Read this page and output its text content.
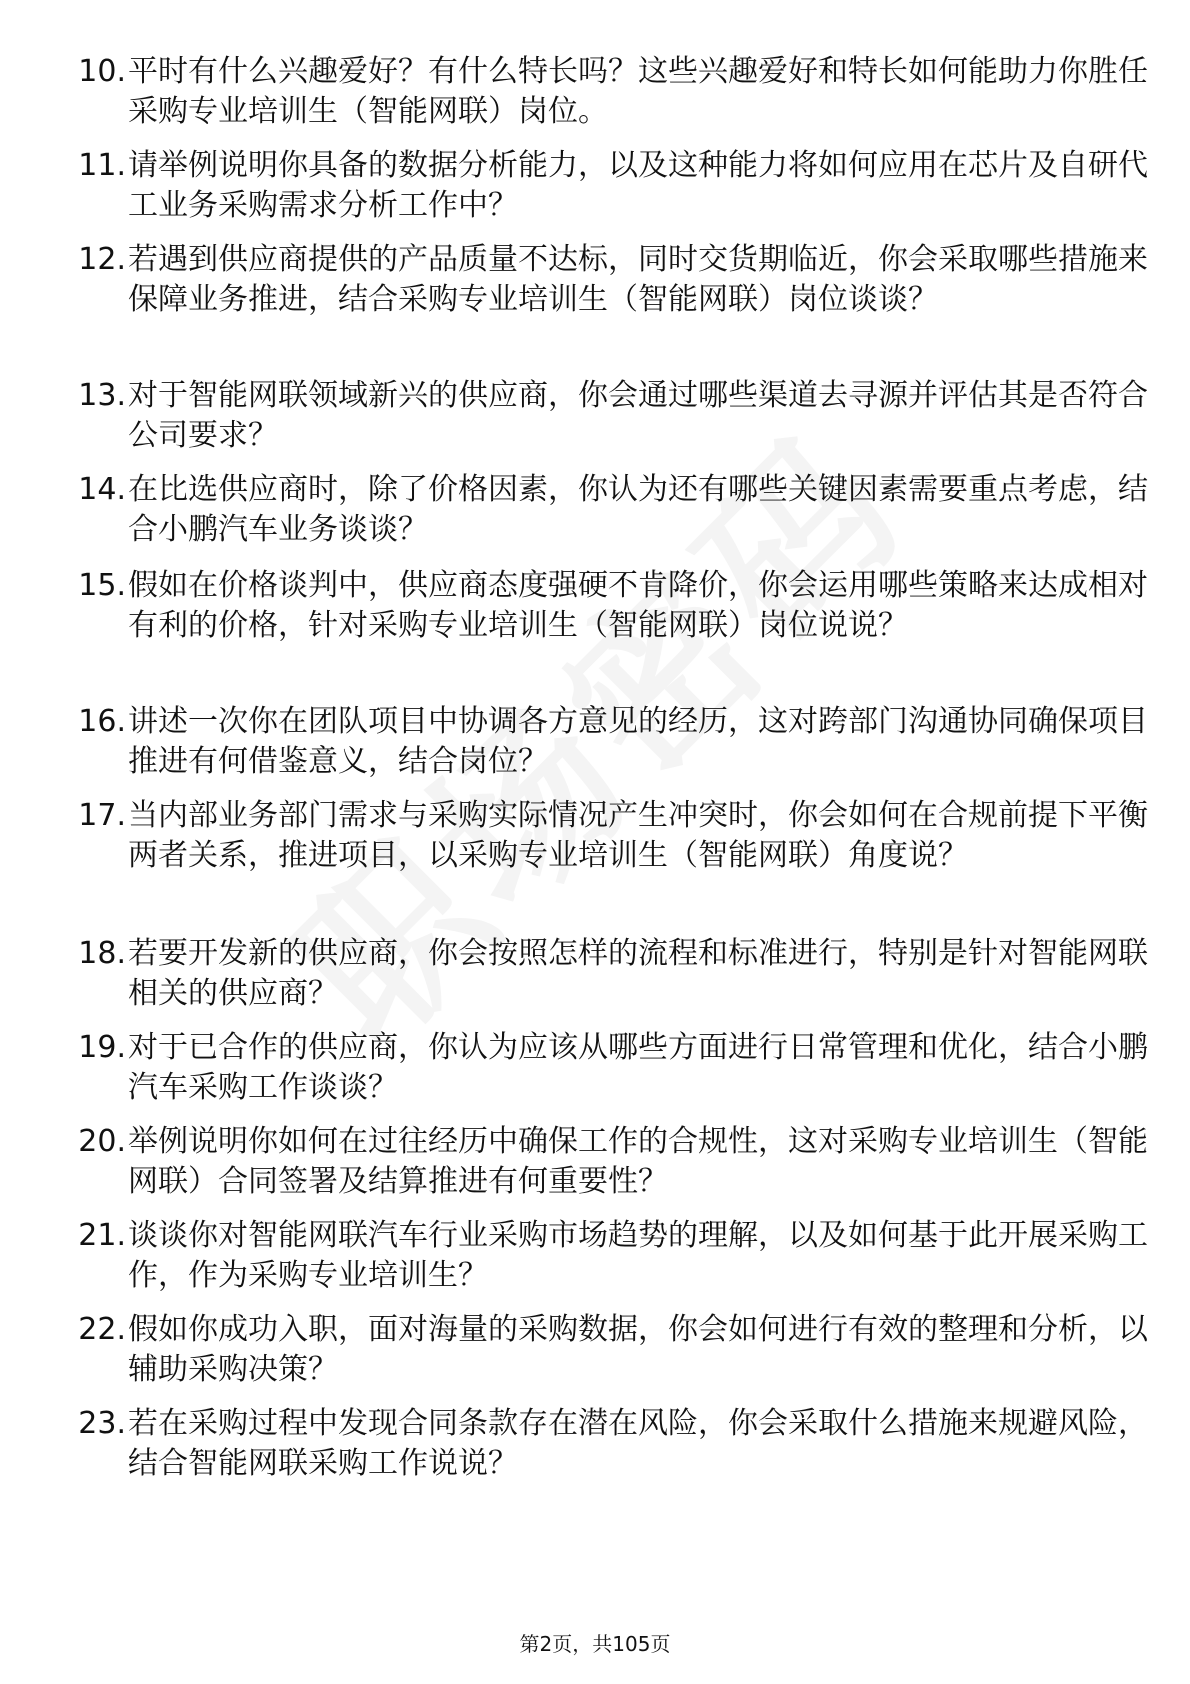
10. 平时有什么兴趣爱好？有什么特长吗？这些兴趣爱好和特长如何能助力你胜任采购专业培训生（智能网联）岗位。
11. 请举例说明你具备的数据分析能力，以及这种能力将如何应用在芯片及自研代工业务采购需求分析工作中？
12. 若遇到供应商提供的产品质量不达标，同时交货期临近，你会采取哪些措施来保障业务推进，结合采购专业培训生（智能网联）岗位谈谈？
13. 对于智能网联领域新兴的供应商，你会通过哪些渠道去寻源并评估其是否符合公司要求？
14. 在比选供应商时，除了价格因素，你认为还有哪些关键因素需要重点考虑，结合小鹏汽车业务谈谈？
15. 假如在价格谈判中，供应商态度强硬不肯降价，你会运用哪些策略来达成相对有利的价格，针对采购专业培训生（智能网联）岗位说说？
16. 讲述一次你在团队项目中协调各方意见的经历，这对跨部门沟通协同确保项目推进有何借鉴意义，结合岗位？
17. 当内部业务部门需求与采购实际情况产生冲突时，你会如何在合规前提下平衡两者关系，推进项目，以采购专业培训生（智能网联）角度说？
18. 若要开发新的供应商，你会按照怎样的流程和标准进行，特别是针对智能网联相关的供应商？
19. 对于已合作的供应商，你认为应该从哪些方面进行日常管理和优化，结合小鹏汽车采购工作谈谈？
20. 举例说明你如何在过往经历中确保工作的合规性，这对采购专业培训生（智能网联）合同签署及结算推进有何重要性？
21. 谈谈你对智能网联汽车行业采购市场趋势的理解，以及如何基于此开展采购工作，作为采购专业培训生？
22. 假如你成功入职，面对海量的采购数据，你会如何进行有效的整理和分析，以辅助采购决策？
23. 若在采购过程中发现合同条款存在潜在风险，你会采取什么措施来规避风险，结合智能网联采购工作说说？
第2页，共105页
